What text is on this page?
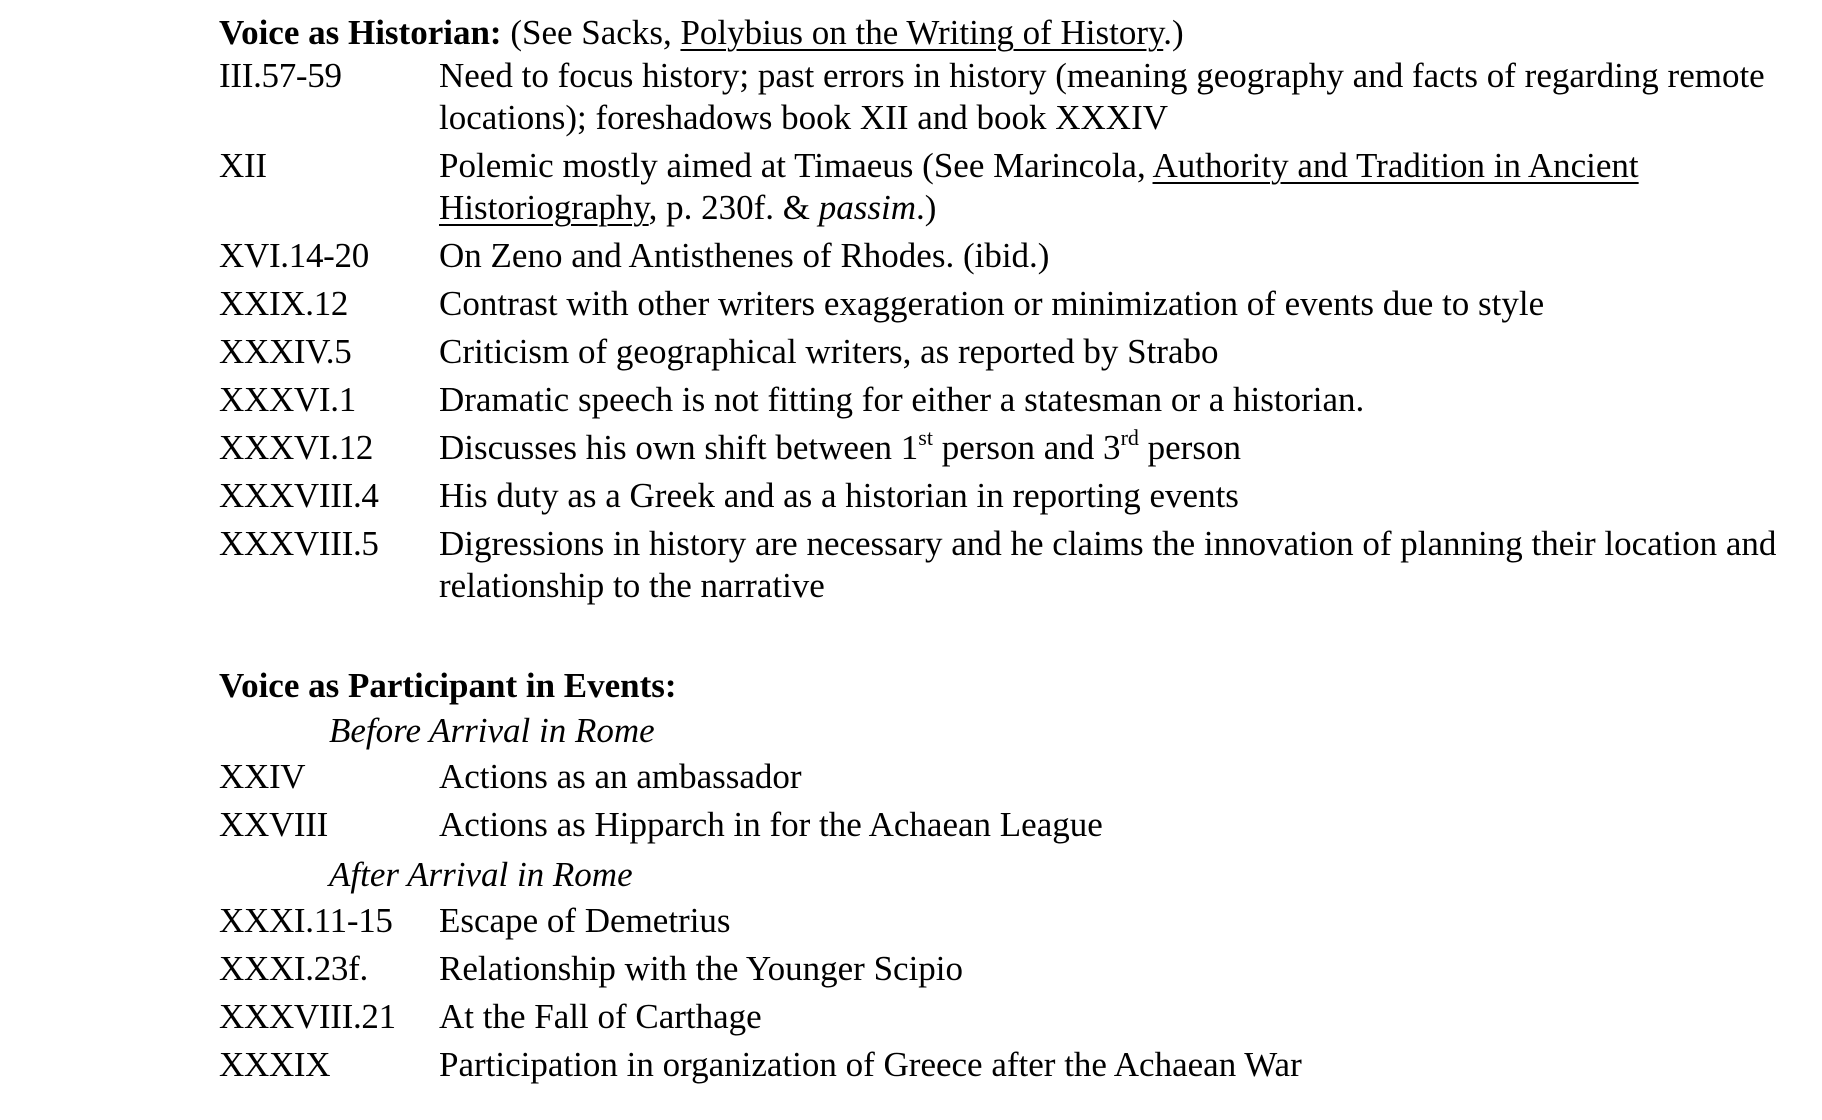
Voice as Historian: (See Sacks, Polybius on the Writing of History.)
III.57-59	Need to focus history; past errors in history (meaning geography and facts of regarding remote locations); foreshadows book XII and book XXXIV
XII	Polemic mostly aimed at Timaeus (See Marincola, Authority and Tradition in Ancient Historiography, p. 230f. & passim.)
XVI.14-20	On Zeno and Antisthenes of Rhodes. (ibid.)
XXIX.12	Contrast with other writers exaggeration or minimization of events due to style
XXXIV.5	Criticism of geographical writers, as reported by Strabo
XXXVI.1	Dramatic speech is not fitting for either a statesman or a historian.
XXXVI.12	Discusses his own shift between 1st person and 3rd person
XXXVIII.4	His duty as a Greek and as a historian in reporting events
XXXVIII.5	Digressions in history are necessary and he claims the innovation of planning their location and relationship to the narrative
Voice as Participant in Events:
Before Arrival in Rome
XXIV	Actions as an ambassador
XXVIII	Actions as Hipparch in for the Achaean League
After Arrival in Rome
XXXI.11-15	Escape of Demetrius
XXXI.23f.	Relationship with the Younger Scipio
XXXVIII.21	At the Fall of Carthage
XXXIX	Participation in organization of Greece after the Achaean War
